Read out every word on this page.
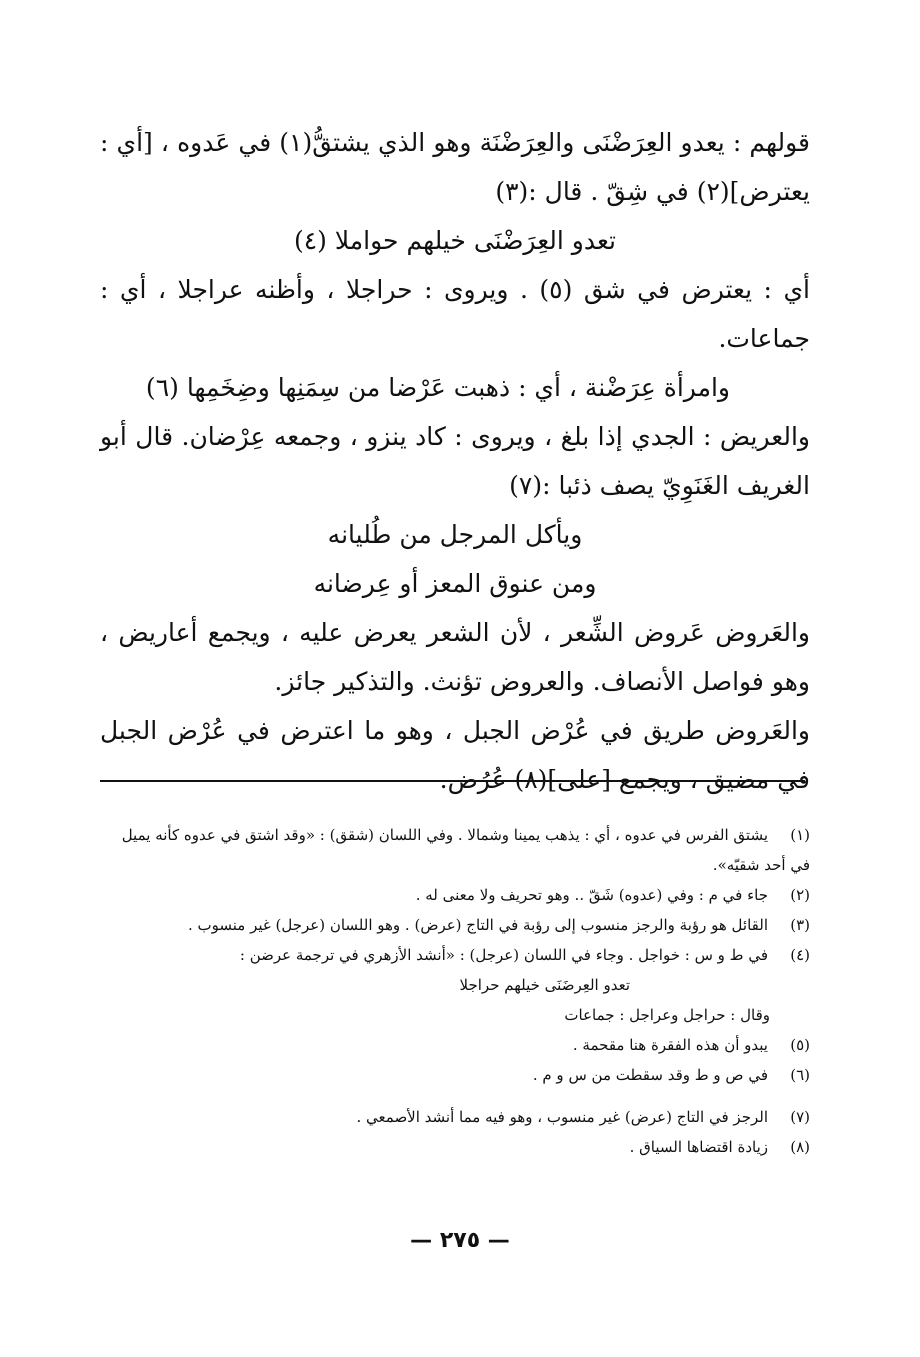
قولهم : يعدو العِرَضْنَى والعِرَضْنَة وهو الذي يشتقُّ(١) في عَدوه ، [أي : يعترض](٢) في شِقّ . قال :(٣)

تعدو العِرَضْنَى خيلهم حواملا (٤)

أي : يعترض في شق (٥) . ويروى : حراجلا ، وأظنه عراجلا ، أي : جماعات.

وامرأة عِرَضْنة ، أي : ذهبت عَرْضا من سِمَنِها وضِخَمِها (٦)

والعريض : الجدي إذا بلغ ، ويروى : كاد ينزو ، وجمعه عِرْضان. قال أبو الغريف الغَنَوِيّ يصف ذئبا :(٧)

ويأكل المرجل من طُليانه

ومن عنوق المعز أو عِرضانه

والعَروض عَروض الشِّعر ، لأن الشعر يعرض عليه ، ويجمع أعاريض ، وهو فواصل الأنصاف. والعروض تؤنث. والتذكير جائز.

والعَروض طريق في عُرْض الجبل ، وهو ما اعترض في عُرْض الجبل في مضيق ، ويجمع [على](٨) عُرُض.

(١)يشتق الفرس في عدوه ، أي : يذهب يمينا وشمالا . وفي اللسان (شقق) : «وقد اشتق في عدوه كأنه يميل في أحد شقيّه».

(٢)جاء في م : وفي (عدوه) شَقّ .. وهو تحريف ولا معنى له .

(٣)القائل هو رؤبة والرجز منسوب إلى رؤبة في التاج (عرض) . وهو اللسان (عرجل) غير منسوب .

(٤)في ط و س : خواجل . وجاء في اللسان (عرجل) : «أنشد الأزهري في ترجمة عرضن :

تعدو العِرضَنَى خيلهم حراجلا

وقال : حراجل وعراجل : جماعات

(٥)يبدو أن هذه الفقرة هنا مقحمة .

(٦)في ص و ط وقد سقطت من س و م .

(٧)الرجز في التاج (عرض) غير منسوب ، وهو فيه مما أنشد الأصمعي .

(٨)زيادة اقتضاها السياق .

— ٢٧٥ —
